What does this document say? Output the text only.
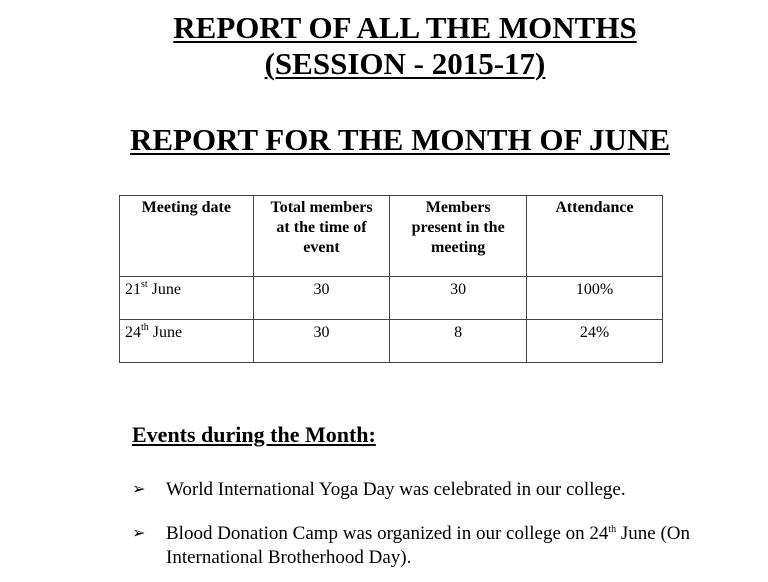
REPORT OF ALL THE MONTHS
(SESSION - 2015-17)
REPORT FOR THE MONTH OF JUNE
Meeting date	Total members at the time of event	Members present in the meeting	Attendance
21st June	30	30	100%
24th June	30	8	24%
Events during the Month:
➢ World International Yoga Day was celebrated in our college.
➢ Blood Donation Camp was organized in our college on 24th June (On International Brotherhood Day).
